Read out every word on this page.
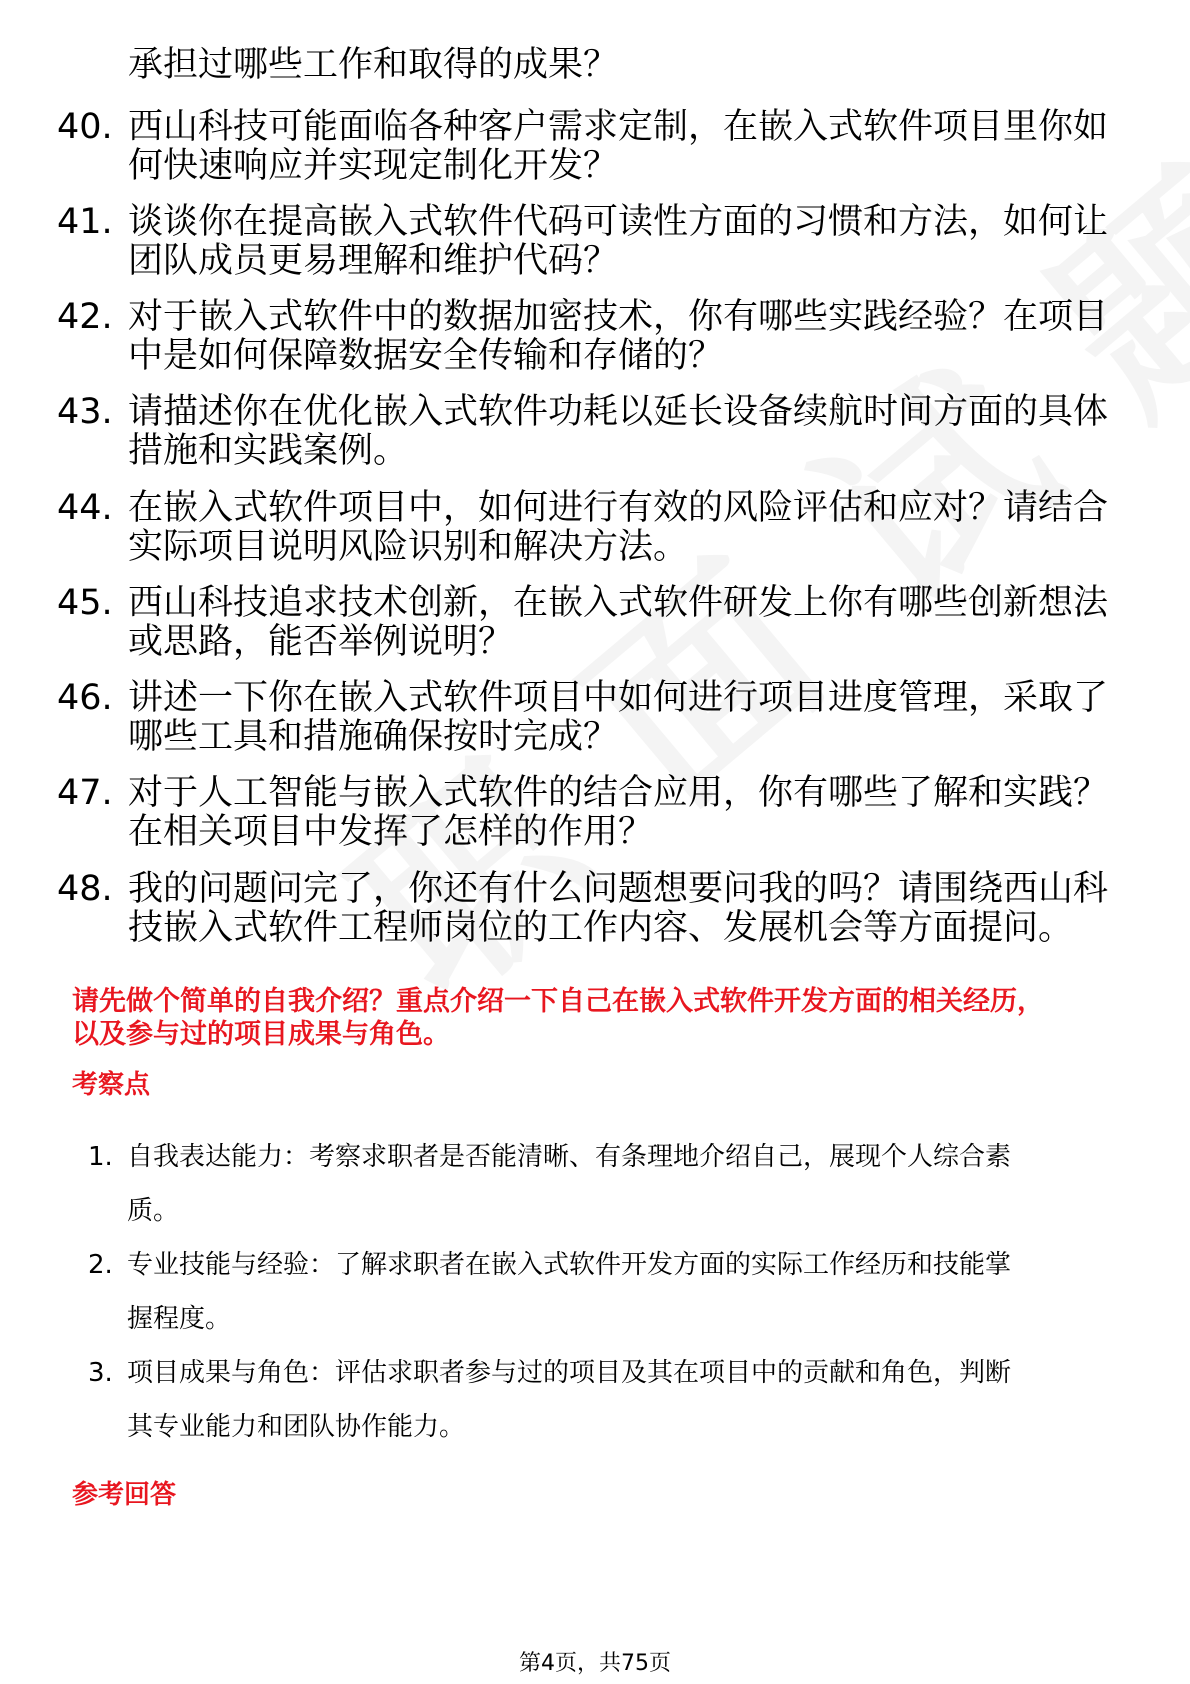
承担过哪些工作和取得的成果？
40. 西山科技可能面临各种客户需求定制，在嵌入式软件项目里你如
何快速响应并实现定制化开发？
41. 谈谈你在提高嵌入式软件代码可读性方面的习惯和方法，如何让
团队成员更易理解和维护代码？
42. 对于嵌入式软件中的数据加密技术，你有哪些实践经验？在项目
中是如何保障数据安全传输和存储的？
43. 请描述你在优化嵌入式软件功耗以延长设备续航时间方面的具体
措施和实践案例。
44. 在嵌入式软件项目中，如何进行有效的风险评估和应对？请结合
实际项目说明风险识别和解决方法。
45. 西山科技追求技术创新，在嵌入式软件研发上你有哪些创新想法
或思路，能否举例说明？
46. 讲述一下你在嵌入式软件项目中如何进行项目进度管理，采取了
哪些工具和措施确保按时完成？
47. 对于人工智能与嵌入式软件的结合应用，你有哪些了解和实践？
在相关项目中发挥了怎样的作用？
48. 我的问题问完了，你还有什么问题想要问我的吗？请围绕西山科
技嵌入式软件工程师岗位的工作内容、发展机会等方面提问。
请先做个简单的自我介绍？重点介绍一下自己在嵌入式软件开发方面的相关经历，
以及参与过的项目成果与角色。
考察点
1. 自我表达能力：考察求职者是否能清晰、有条理地介绍自己，展现个人综合素
质。
2. 专业技能与经验：了解求职者在嵌入式软件开发方面的实际工作经历和技能掌
握程度。
3. 项目成果与角色：评估求职者参与过的项目及其在项目中的贡献和角色，判断
其专业能力和团队协作能力。
参考回答
第4页，共75页
